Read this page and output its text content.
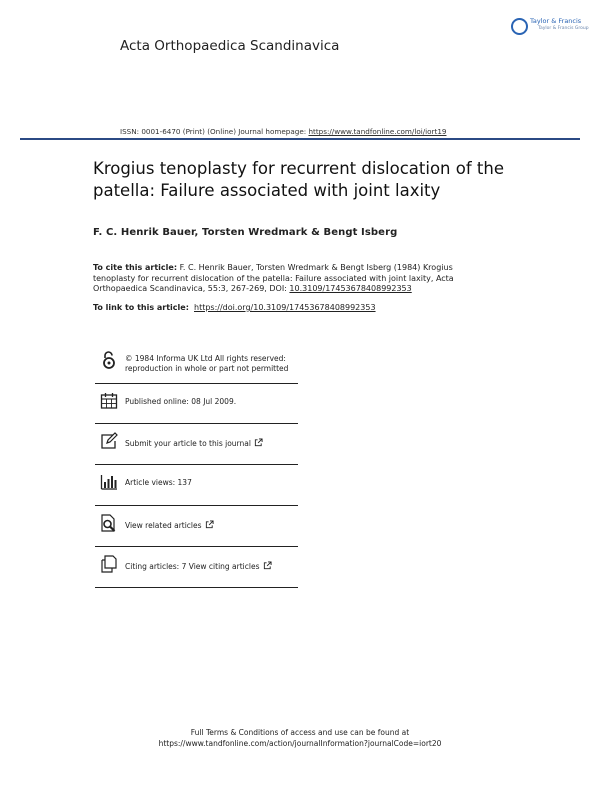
Acta Orthopaedica Scandinavica
Taylor & Francis
Taylor & Francis Group
ISSN: 0001-6470 (Print) (Online) Journal homepage: https://www.tandfonline.com/loi/iort19
Krogius tenoplasty for recurrent dislocation of the patella: Failure associated with joint laxity
F. C. Henrik Bauer, Torsten Wredmark & Bengt Isberg
To cite this article: F. C. Henrik Bauer, Torsten Wredmark & Bengt Isberg (1984) Krogius tenoplasty for recurrent dislocation of the patella: Failure associated with joint laxity, Acta Orthopaedica Scandinavica, 55:3, 267-269, DOI: 10.3109/17453678408992353
To link to this article: https://doi.org/10.3109/17453678408992353
© 1984 Informa UK Ltd All rights reserved:
reproduction in whole or part not permitted
Published online: 08 Jul 2009.
Submit your article to this journal
Article views: 137
View related articles
Citing articles: 7 View citing articles
Full Terms & Conditions of access and use can be found at
https://www.tandfonline.com/action/journalInformation?journalCode=iort20
